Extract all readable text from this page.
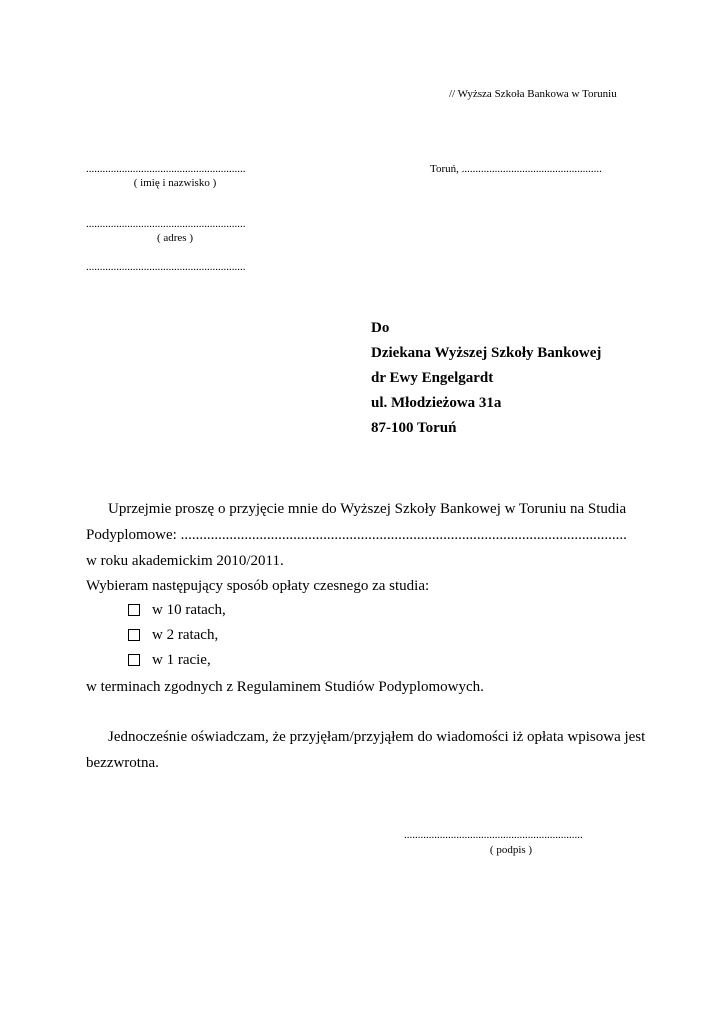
// Wyższa Szkoła Bankowa w Toruniu
..........................................................
( imię i nazwisko )
..........................................................
( adres )
..........................................................
Toruń, ...................................................
Do
Dziekana Wyższej Szkoły Bankowej
dr Ewy Engelgardt
ul. Młodzieżowa 31a
87-100 Toruń
Uprzejmie proszę o przyjęcie mnie do Wyższej Szkoły Bankowej w Toruniu na Studia
Podyplomowe: .......................................................................................................................
w roku akademickim 2010/2011.
Wybieram następujący sposób opłaty czesnego za studia:
w 10 ratach,
w 2 ratach,
w 1 racie,
w terminach zgodnych z Regulaminem Studiów Podyplomowych.
Jednocześnie oświadczam, że przyjęłam/przyjąłem do wiadomości iż opłata wpisowa jest
bezzwrotna.
.................................................................
( podpis )
